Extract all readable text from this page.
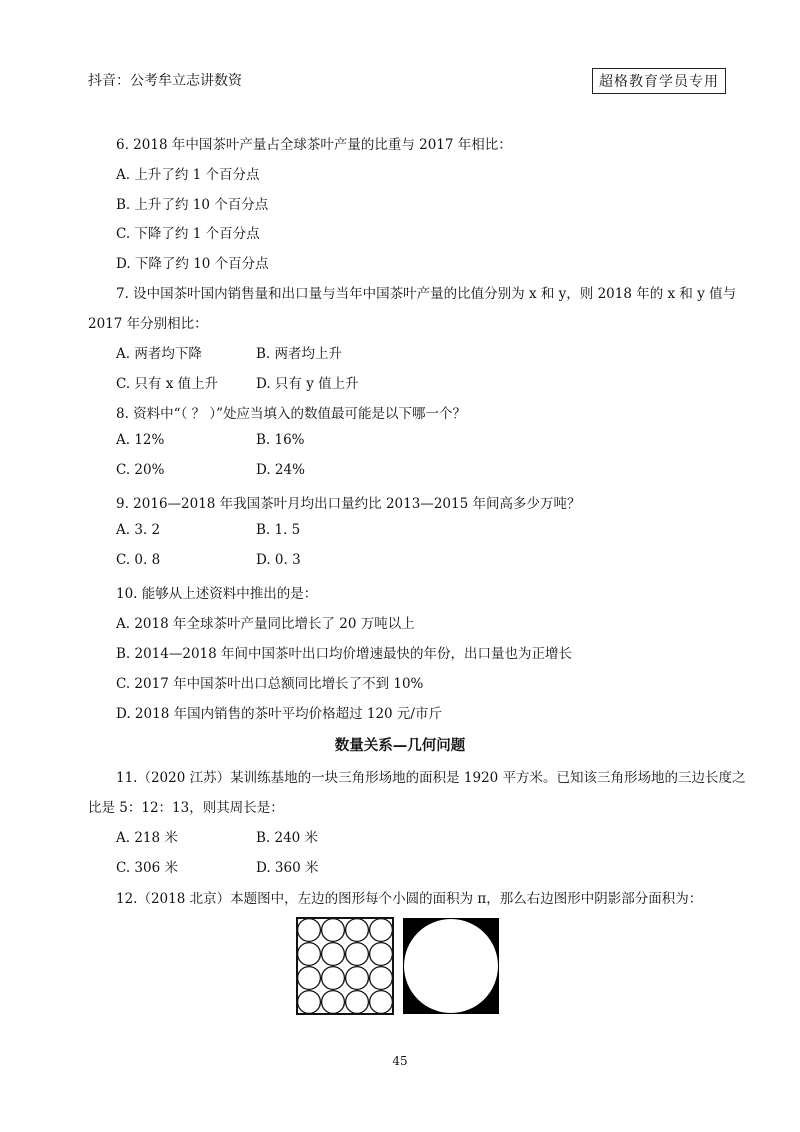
抖音：公考牟立志讲数资	超格教育学员专用
6. 2018 年中国茶叶产量占全球茶叶产量的比重与 2017 年相比：
A. 上升了约 1 个百分点
B. 上升了约 10 个百分点
C. 下降了约 1 个百分点
D. 下降了约 10 个百分点
7. 设中国茶叶国内销售量和出口量与当年中国茶叶产量的比值分别为 x 和 y，则 2018 年的 x 和 y 值与
2017 年分别相比：
A. 两者均下降	B. 两者均上升
C. 只有 x 值上升	D. 只有 y 值上升
8. 资料中“（ ？ ）”处应当填入的数值最可能是以下哪一个？
A. 12%	B. 16%
C. 20%	D. 24%
9. 2016—2018 年我国茶叶月均出口量约比 2013—2015 年间高多少万吨？
A. 3. 2	B. 1. 5
C. 0. 8	D. 0. 3
10. 能够从上述资料中推出的是：
A. 2018 年全球茶叶产量同比增长了 20 万吨以上
B. 2014—2018 年间中国茶叶出口均价增速最快的年份，出口量也为正增长
C. 2017 年中国茶叶出口总额同比增长了不到 10%
D. 2018 年国内销售的茶叶平均价格超过 120 元/市斤
数量关系—几何问题
11.（2020 江苏）某训练基地的一块三角形场地的面积是 1920 平方米。已知该三角形场地的三边长度之
比是 5：12：13，则其周长是：
A. 218 米	B. 240 米
C. 306 米	D. 360 米
12.（2018 北京）本题图中，左边的图形每个小圆的面积为 π，那么右边图形中阴影部分面积为：
45
